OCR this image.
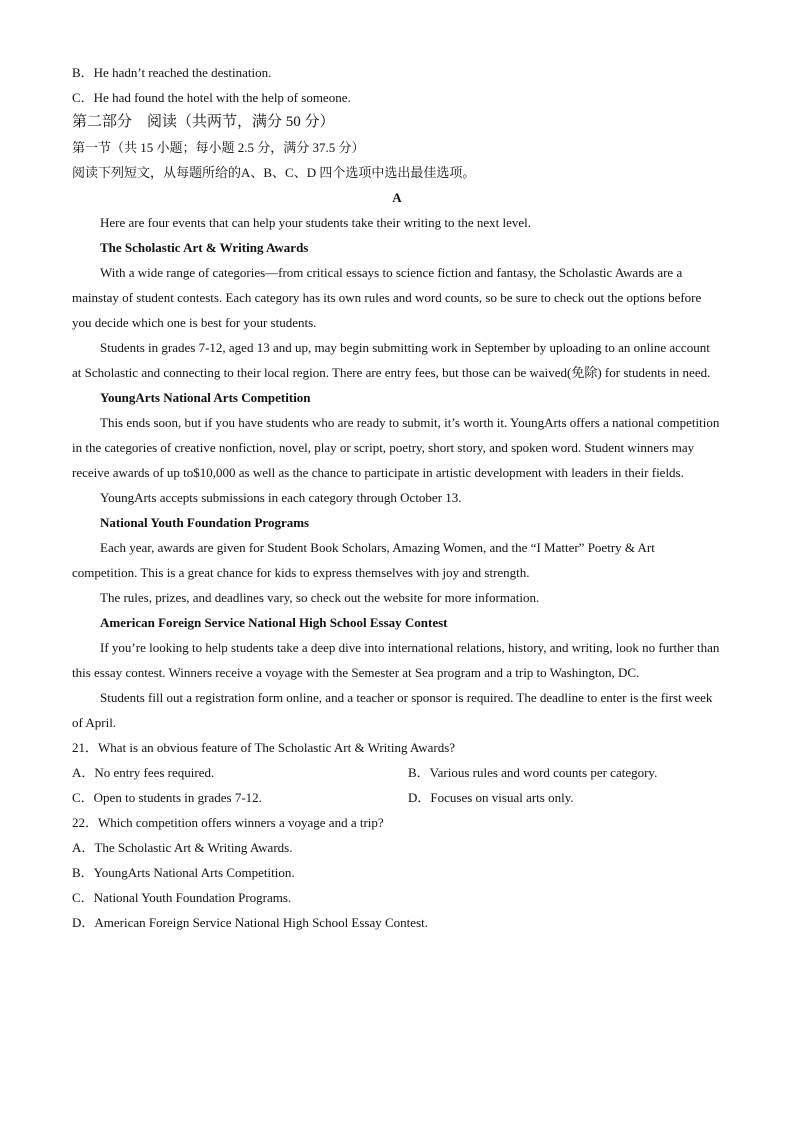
B．He hadn’t reached the destination.
C．He had found the hotel with the help of someone.
第二部分　阅读（共两节，满分 50 分）
第一节（共 15 小题；每小题 2.5 分，满分 37.5 分）
阅读下列短文，从每题所给的A、B、C、D 四个选项中选出最佳选项。
A
Here are four events that can help your students take their writing to the next level.
The Scholastic Art & Writing Awards
With a wide range of categories—from critical essays to science fiction and fantasy, the Scholastic Awards are a mainstay of student contests. Each category has its own rules and word counts, so be sure to check out the options before you decide which one is best for your students.
Students in grades 7-12, aged 13 and up, may begin submitting work in September by uploading to an online account at Scholastic and connecting to their local region. There are entry fees, but those can be waived(免除) for students in need.
YoungArts National Arts Competition
This ends soon, but if you have students who are ready to submit, it’s worth it. YoungArts offers a national competition in the categories of creative nonfiction, novel, play or script, poetry, short story, and spoken word. Student winners may receive awards of up to$10,000 as well as the chance to participate in artistic development with leaders in their fields.
YoungArts accepts submissions in each category through October 13.
National Youth Foundation Programs
Each year, awards are given for Student Book Scholars, Amazing Women, and the “I Matter” Poetry & Art competition. This is a great chance for kids to express themselves with joy and strength.
The rules, prizes, and deadlines vary, so check out the website for more information.
American Foreign Service National High School Essay Contest
If you’re looking to help students take a deep dive into international relations, history, and writing, look no further than this essay contest. Winners receive a voyage with the Semester at Sea program and a trip to Washington, DC.
Students fill out a registration form online, and a teacher or sponsor is required. The deadline to enter is the first week of April.
21．What is an obvious feature of The Scholastic Art & Writing Awards?
A．No entry fees required.	B．Various rules and word counts per category.
C．Open to students in grades 7-12.	D．Focuses on visual arts only.
22．Which competition offers winners a voyage and a trip?
A．The Scholastic Art & Writing Awards.
B．YoungArts National Arts Competition.
C．National Youth Foundation Programs.
D．American Foreign Service National High School Essay Contest.
